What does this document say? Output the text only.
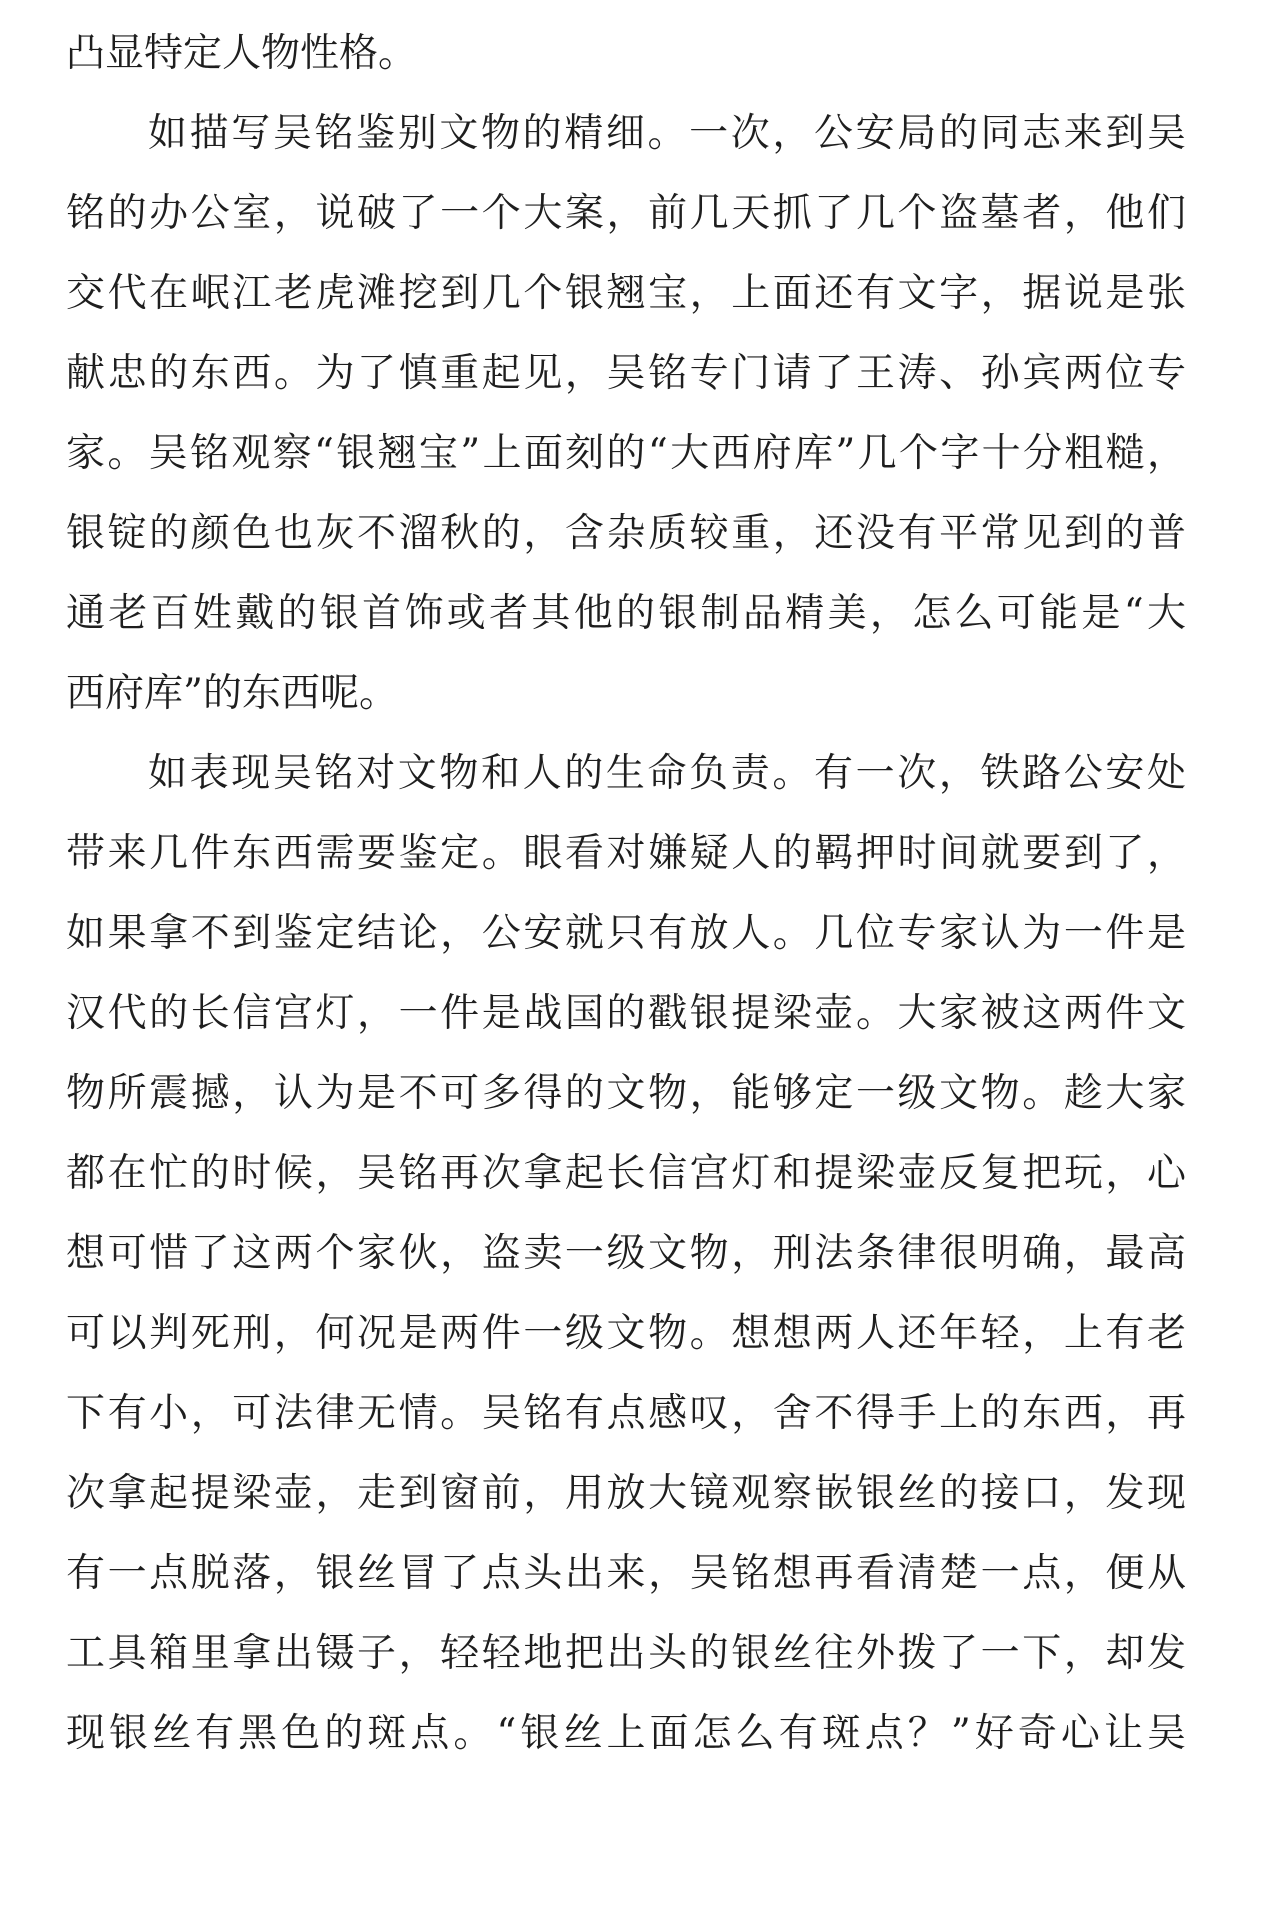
凸显特定人物性格。
如描写吴铭鉴别文物的精细。一次，公安局的同志来到吴
铭的办公室，说破了一个大案，前几天抓了几个盗墓者，他们
交代在岷江老虎滩挖到几个银翘宝，上面还有文字，据说是张
献忠的东西。为了慎重起见，吴铭专门请了王涛、孙宾两位专
家。吴铭观察“银翘宝”上面刻的“大西府库”几个字十分粗糙，
银锭的颜色也灰不溜秋的，含杂质较重，还没有平常见到的普
通老百姓戴的银首饰或者其他的银制品精美，怎么可能是“大
西府库”的东西呢。
如表现吴铭对文物和人的生命负责。有一次，铁路公安处
带来几件东西需要鉴定。眼看对嫌疑人的羁押时间就要到了，
如果拿不到鉴定结论，公安就只有放人。几位专家认为一件是
汉代的长信宫灯，一件是战国的戳银提梁壶。大家被这两件文
物所震撼，认为是不可多得的文物，能够定一级文物。趁大家
都在忙的时候，吴铭再次拿起长信宫灯和提梁壶反复把玩，心
想可惜了这两个家伙，盗卖一级文物，刑法条律很明确，最高
可以判死刑，何况是两件一级文物。想想两人还年轻，上有老
下有小，可法律无情。吴铭有点感叹，舍不得手上的东西，再
次拿起提梁壶，走到窗前，用放大镜观察嵌银丝的接口，发现
有一点脱落，银丝冒了点头出来，吴铭想再看清楚一点，便从
工具箱里拿出镊子，轻轻地把出头的银丝往外拨了一下，却发
现银丝有黑色的斑点。“银丝上面怎么有斑点？”好奇心让吴
